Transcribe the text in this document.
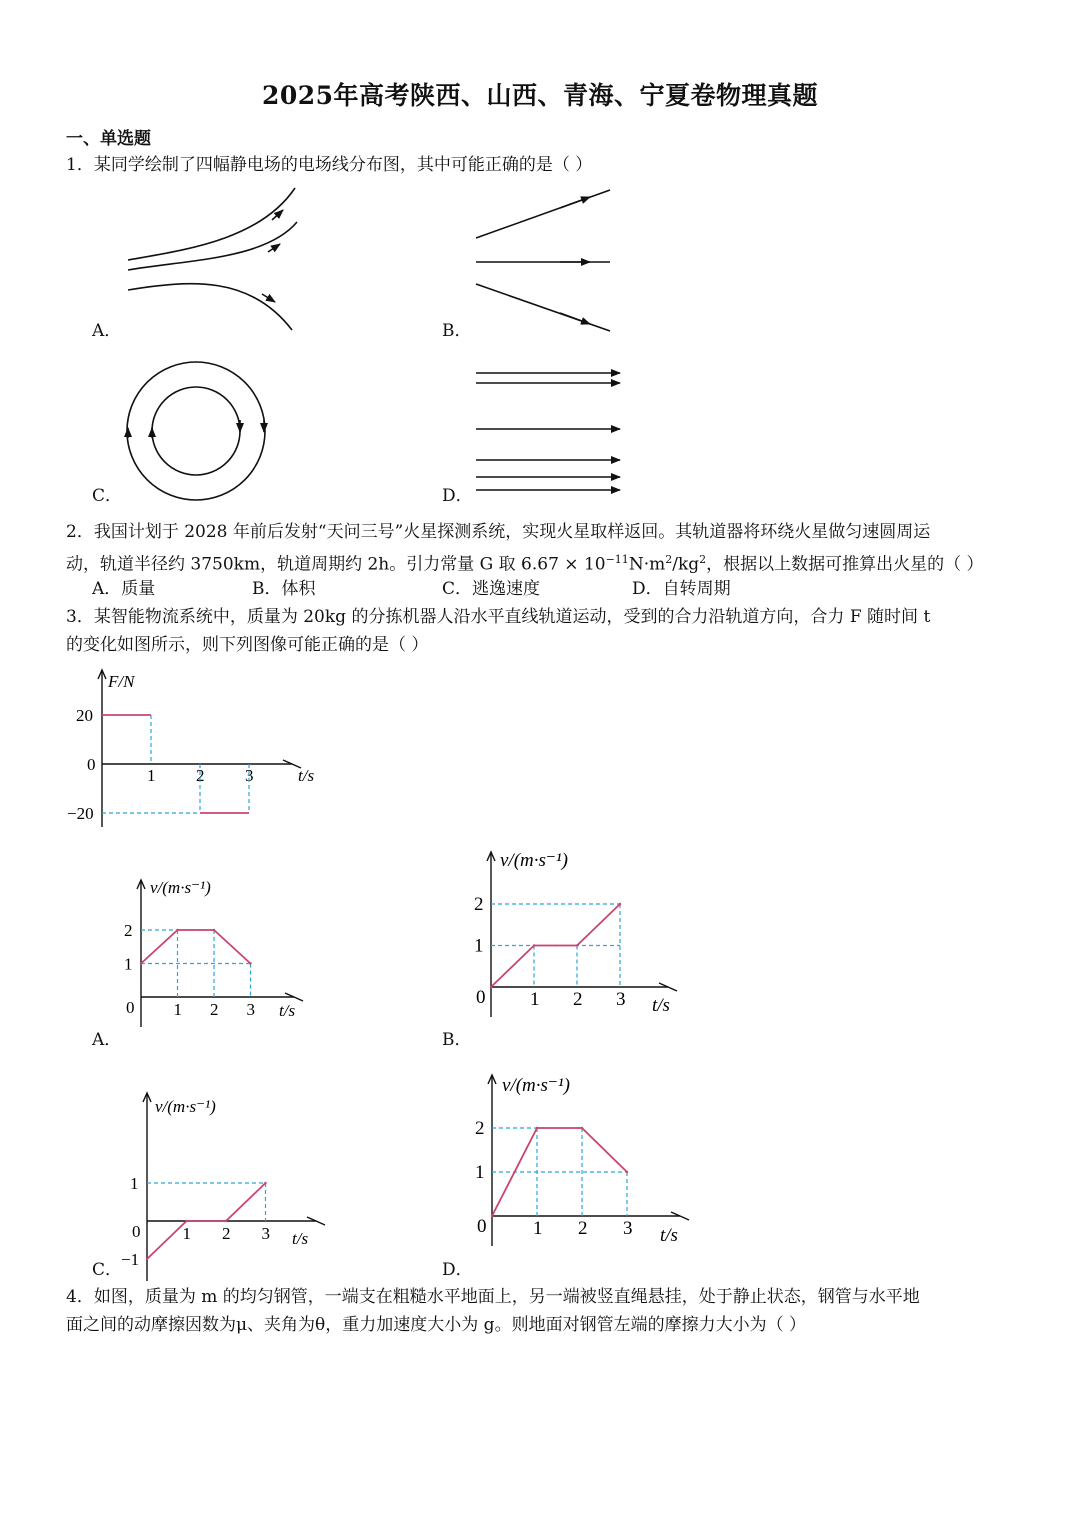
2025年高考陕西、山西、青海、宁夏卷物理真题
一、单选题
1．某同学绘制了四幅静电场的电场线分布图，其中可能正确的是（ ）
A．	B．
C．	D．
2．我国计划于 2028 年前后发射“天问三号”火星探测系统，实现火星取样返回。其轨道器将环绕火星做匀速圆周运
动，轨道半径约 3750km，轨道周期约 2h。引力常量 G 取 $6.67 \times 10^{-11}N\cdot m^2/kg^2$，根据以上数据可推算出火星的（ ）
A．质量	B．体积	C．逃逸速度	D．自转周期
3．某智能物流系统中，质量为 20kg 的分拣机器人沿水平直线轨道运动，受到的合力沿轨道方向，合力 F 随时间 t
的变化如图所示，则下列图像可能正确的是（ ）
F/N
t/s
0
1 2 3
20
−20
v/(m·s⁻¹)
t/s
0 1 2 3
1
2
v/(m·s⁻¹)
t/s
0 1 2 3
1
2
v/(m·s⁻¹)
t/s
0 1 2 3
1
−1
v/(m·s⁻¹)
t/s
0 1 2 3
1
2
A．	B．
C．	D．
4．如图，质量为 m 的均匀钢管，一端支在粗糙水平地面上，另一端被竖直绳悬挂，处于静止状态，钢管与水平地
面之间的动摩擦因数为μ、夹角为θ，重力加速度大小为 g。则地面对钢管左端的摩擦力大小为（ ）
